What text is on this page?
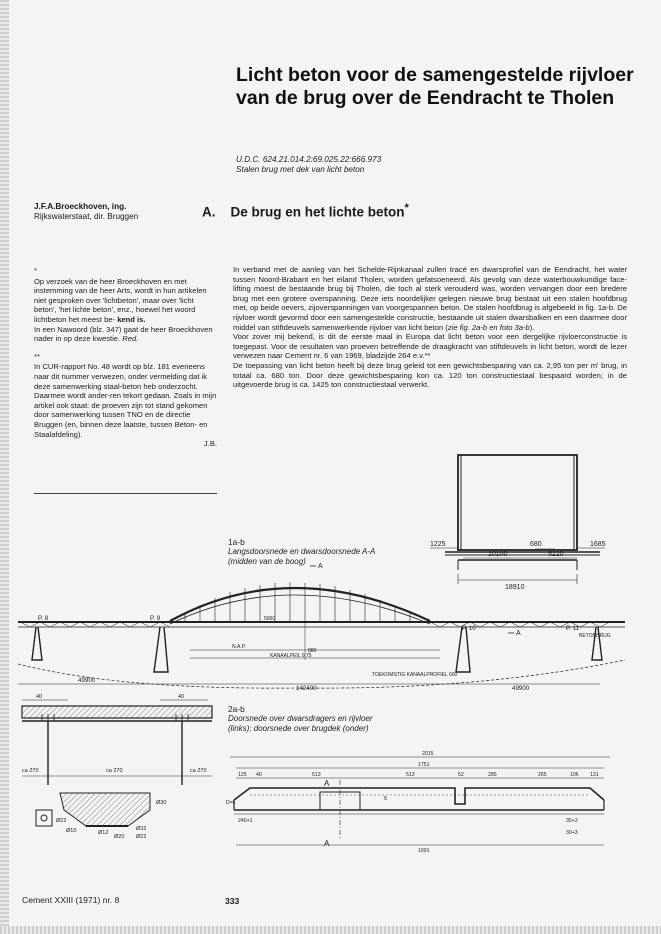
Licht beton voor de samengestelde rijvloer van de brug over de Eendracht te Tholen
U.D.C. 624.21.014.2:69.025.22:666.973
Stalen brug met dek van licht beton
J.F.A.Broeckhoven, ing.
Rijkswaterstaat, dir. Bruggen	A. De brug en het lichte beton*

*

Op verzoek van de heer Broeckhoven en met instemming van de heer Arts, wordt in hun artikelen niet gesproken over 'lichtbeton', maar over 'licht beton', 'het lichte beton', enz., hoewel het woord lichtbeton het meest be- kend is.

In een Nawoord (blz. 347) gaat de heer Broeckhoven nader in op deze kwestie. Red.

**

In CUR-rapport No. 48 wordt op blz. 181 eveneens naar dit nummer verwezen, onder vermelding dat ik deze samenwerking staal-beton heb onderzocht. Daarmee wordt ander-ren tekort gedaan. Zoals in mijn artikel ook staat: de proeven zijn tot stand gekomen door samenwerking tussen TNO en de directie Bruggen (en, binnen deze laatste, tussen Beton- en Staalafdeling).

J.B.

In verband met de aanleg van het Schelde-Rijnkanaal zullen tracé en dwarsprofiel van de Eendracht, het water tussen Noord-Brabant en het eiland Tholen, worden gefatsoeneerd. Als gevolg van deze waterbouwkundige face-lifting moest de bestaande brug bij Tholen, die toch al sterk verouderd was, worden vervangen door een bredere brug met een grotere overspanning. Deze iets noordelijker gelegen nieuwe brug bestaat uit een stalen hoofdbrug met, op beide oevers, zijoverspanningen van voorgespannen beton. De stalen hoofdbrug is afgebeeld in fig. 1a-b. De rijvloer wordt gevormd door een samengestelde constructie, bestaande uit stalen dwarsbalken en een daarmee door middel van stiftdeuvels samenwerkende rijvloer van licht beton (zie fig. 2a-b en foto 3a-b).

Voor zover mij bekend, is dit de eerste maal in Europa dat licht beton voor een dergelijke rijvloerconstructie is toegepast. Voor de resultaten van proeven betreffende de draagkracht van stiftdeuvels in licht beton, wordt de lezer verwezen naar Cement nr. 6 van 1969, bladzijde 264 e.v.**

De toepassing van licht beton heeft bij deze brug geleid tot een gewichtsbesparing van ca. 2,95 ton per m' brug, in totaal ca. 680 ton. Door deze gewichtsbesparing kon ca. 120 ton constructiestaal bespaard worden; in de uitgevoerde brug is ca. 1425 ton constructiestaal verwerkt.

1a-b
Langsdoorsnede en dwarsdoorsnede A-A
(midden van de boog)
2a-b
Doorsnede over dwarsdragers en rijvloer
(links); doorsnede over brugdek (onder)
1225	680	1685
10100	5220
18910
P. 8	P. 9
P. 10	P. 11
BETONBRUG
A
A
N.A.P.
KANAALPEIL 0,75
TOEKOMSTIG KANAALPROFIEL 600
49900
142400	49900
5000
880
40	40
ca 270	ca 270	ca 270
Ø22
Ø10
Ø30
Ø12
Ø20
Ø32
Ø22
2015
1751
125 40	513	513	52	285	265	106 131
1091
A
A
35+3
30+3
D=L
240+1
5
Cement XXIII (1971) nr. 8	333
